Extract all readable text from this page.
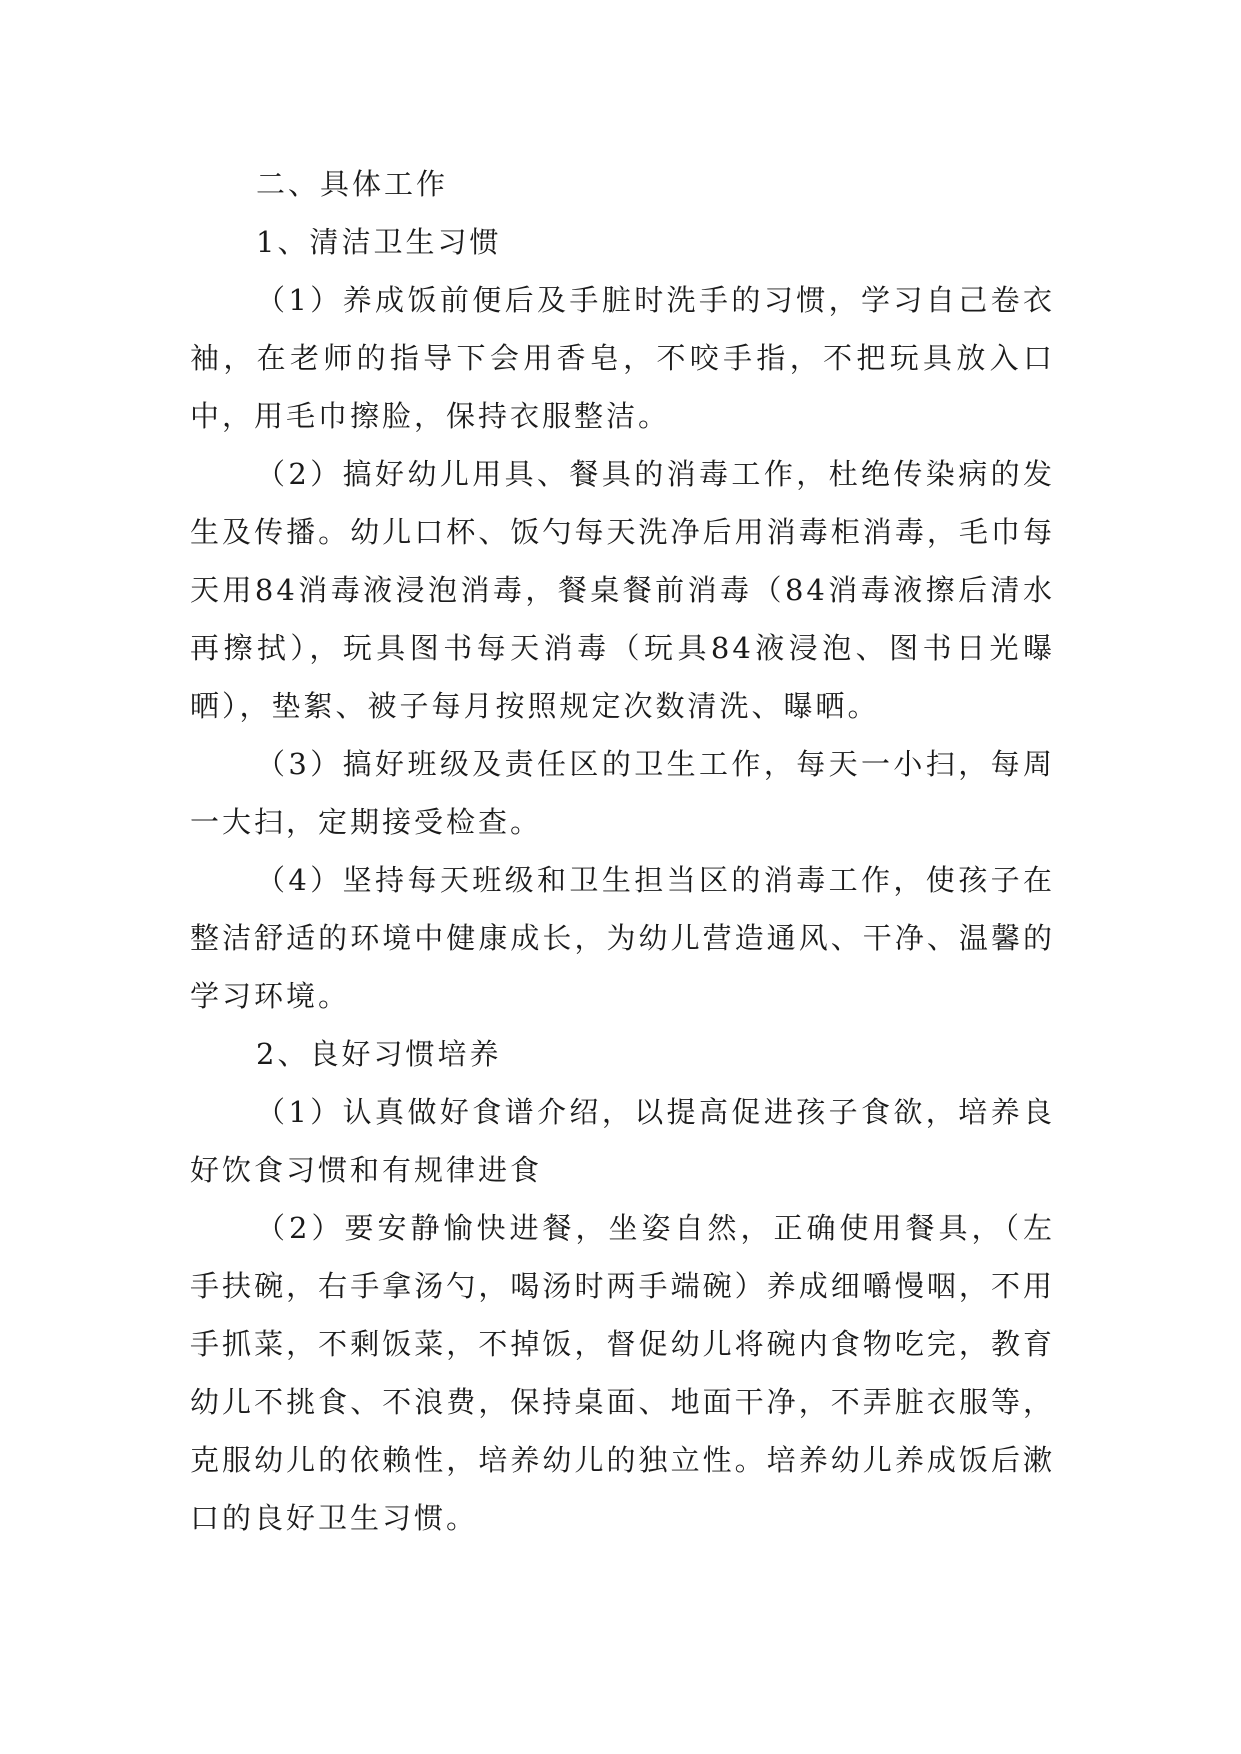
二、具体工作

1、清洁卫生习惯

（1）养成饭前便后及手脏时洗手的习惯，学习自己卷衣袖，在老师的指导下会用香皂，不咬手指，不把玩具放入口中，用毛巾擦脸，保持衣服整洁。

（2）搞好幼儿用具、餐具的消毒工作，杜绝传染病的发生及传播。幼儿口杯、饭勺每天洗净后用消毒柜消毒，毛巾每天用84消毒液浸泡消毒，餐桌餐前消毒（84消毒液擦后清水再擦拭），玩具图书每天消毒（玩具84液浸泡、图书日光曝晒），垫絮、被子每月按照规定次数清洗、曝晒。

（3）搞好班级及责任区的卫生工作，每天一小扫，每周一大扫，定期接受检查。

（4）坚持每天班级和卫生担当区的消毒工作，使孩子在整洁舒适的环境中健康成长，为幼儿营造通风、干净、温馨的学习环境。

2、良好习惯培养

（1）认真做好食谱介绍，以提高促进孩子食欲，培养良好饮食习惯和有规律进食

（2）要安静愉快进餐，坐姿自然，正确使用餐具，（左手扶碗，右手拿汤勺，喝汤时两手端碗）养成细嚼慢咽，不用手抓菜，不剩饭菜，不掉饭，督促幼儿将碗内食物吃完，教育幼儿不挑食、不浪费，保持桌面、地面干净，不弄脏衣服等，克服幼儿的依赖性，培养幼儿的独立性。培养幼儿养成饭后漱口的良好卫生习惯。
